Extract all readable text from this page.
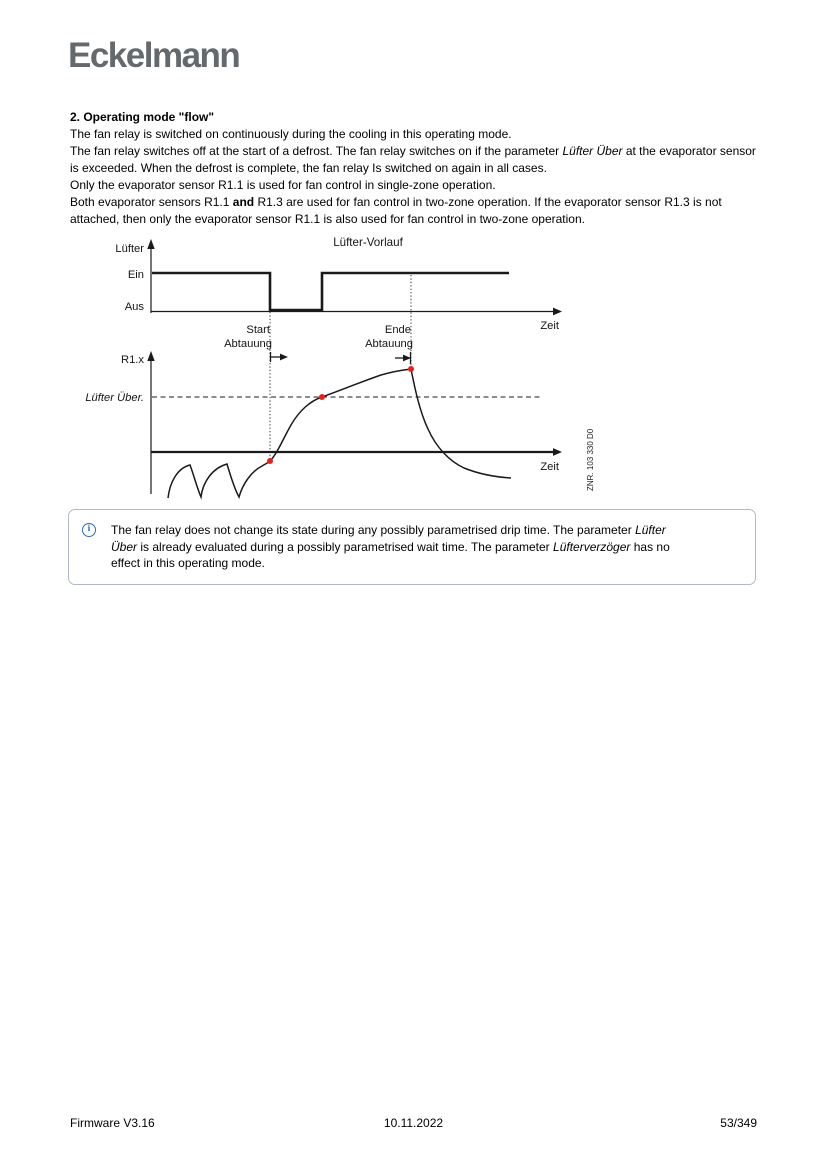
Eckelmann

2. Operating mode "flow"

The fan relay is switched on continuously during the cooling in this operating mode.

The fan relay switches off at the start of a defrost. The fan relay switches on if the parameter Lüfter Über at the evaporator sensor is exceeded. When the defrost is complete, the fan relay Is switched on again in all cases.

Only the evaporator sensor R1.1 is used for fan control in single-zone operation.

Both evaporator sensors R1.1 and R1.3 are used for fan control in two-zone operation. If the evaporator sensor R1.3 is not attached, then only the evaporator sensor R1.1 is also used for fan control in two-zone operation.

Lüfter
Ein
Aus
Zeit
Lüfter-Vorlauf
Start
Abtauung
Ende
Abtauung
R1.x
Lüfter Über.
Zeit	ZNR. 103 330 D0
i	The fan relay does not change its state during any possibly parametrised drip time. The parameter Lüfter Über is already evaluated during a possibly parametrised wait time. The parameter Lüfterverzöger has no effect in this operating mode.
Firmware V3.16	10.11.2022	53/349
